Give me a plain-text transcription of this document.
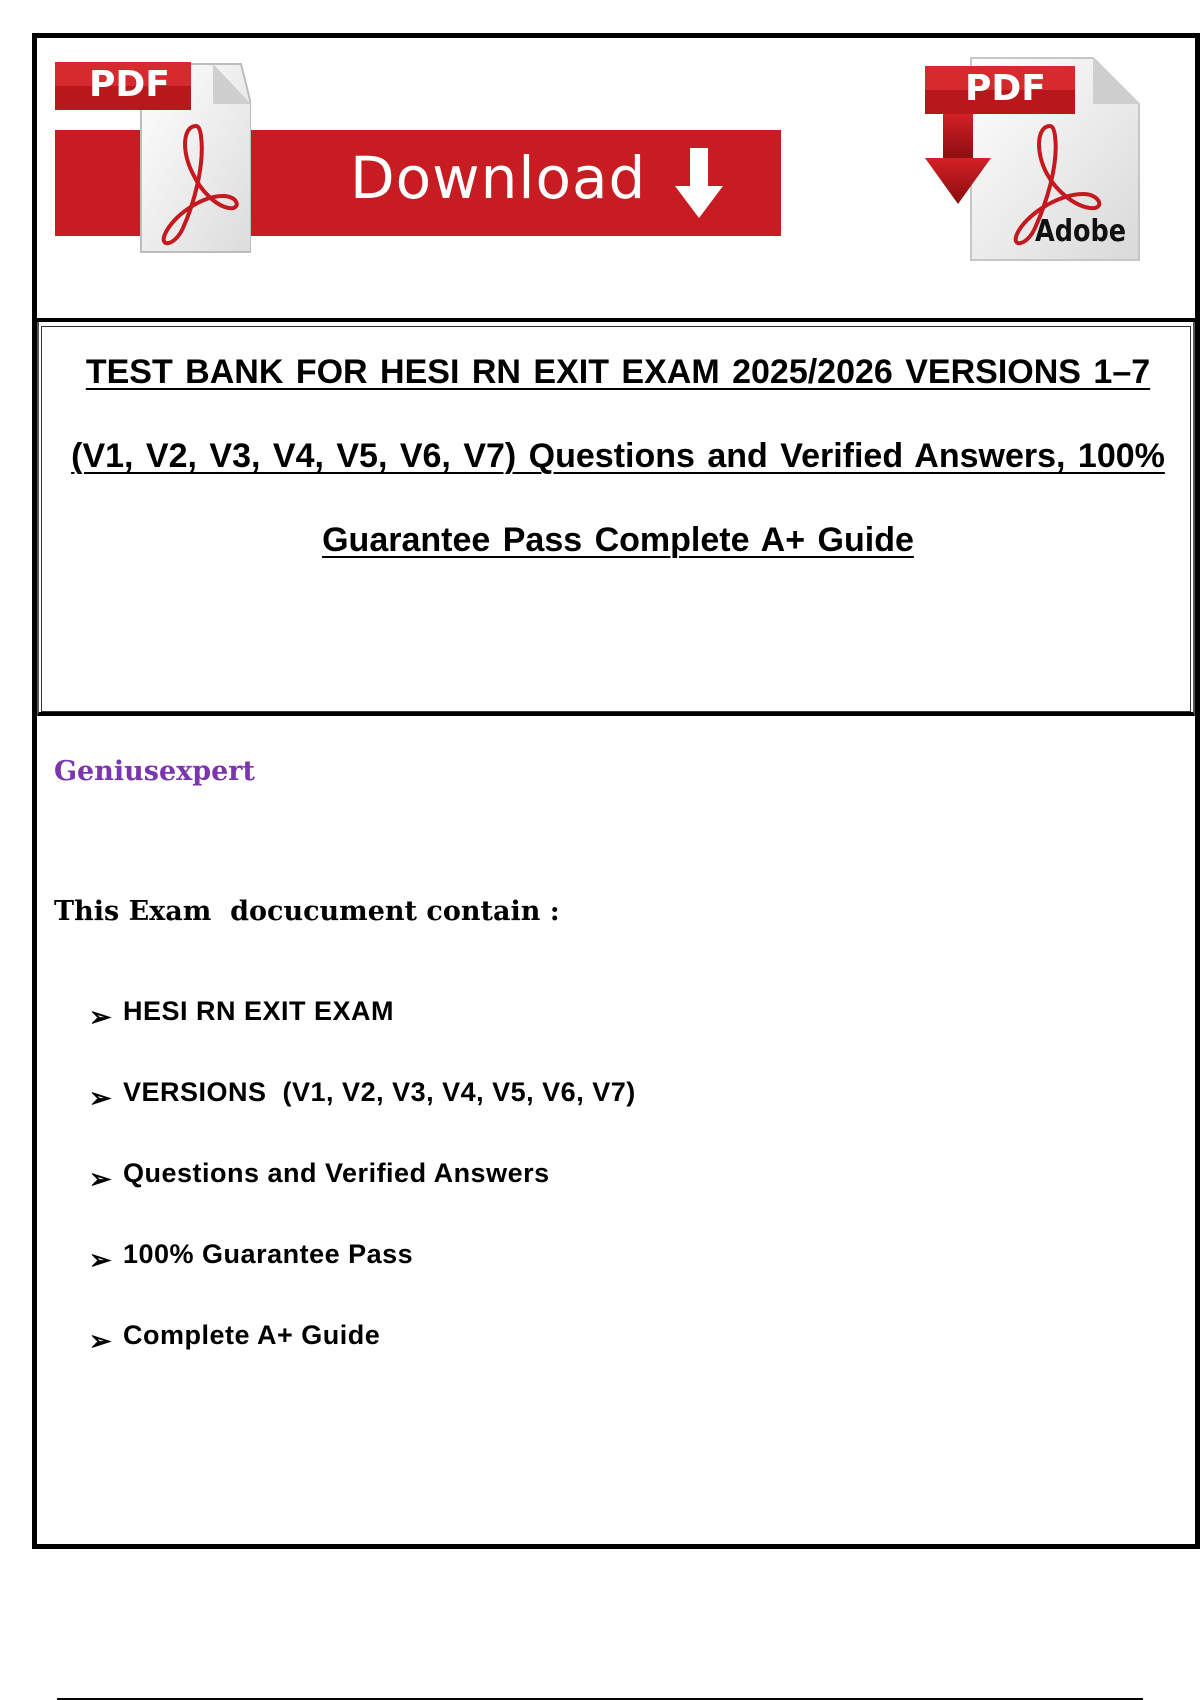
Download
PDF	PDF
Adobe
TEST BANK FOR HESI RN EXIT EXAM 2025/2026 VERSIONS 1–7 (V1, V2, V3, V4, V5, V6, V7) Questions and Verified Answers, 100% Guarantee Pass Complete A+ Guide
Geniusexpert
This Exam  docucument contain :

➢

HESI RN EXIT EXAM

➢

VERSIONS  (V1, V2, V3, V4, V5, V6, V7)

➢

Questions and Verified Answers

➢

100% Guarantee Pass

➢

Complete A+ Guide
